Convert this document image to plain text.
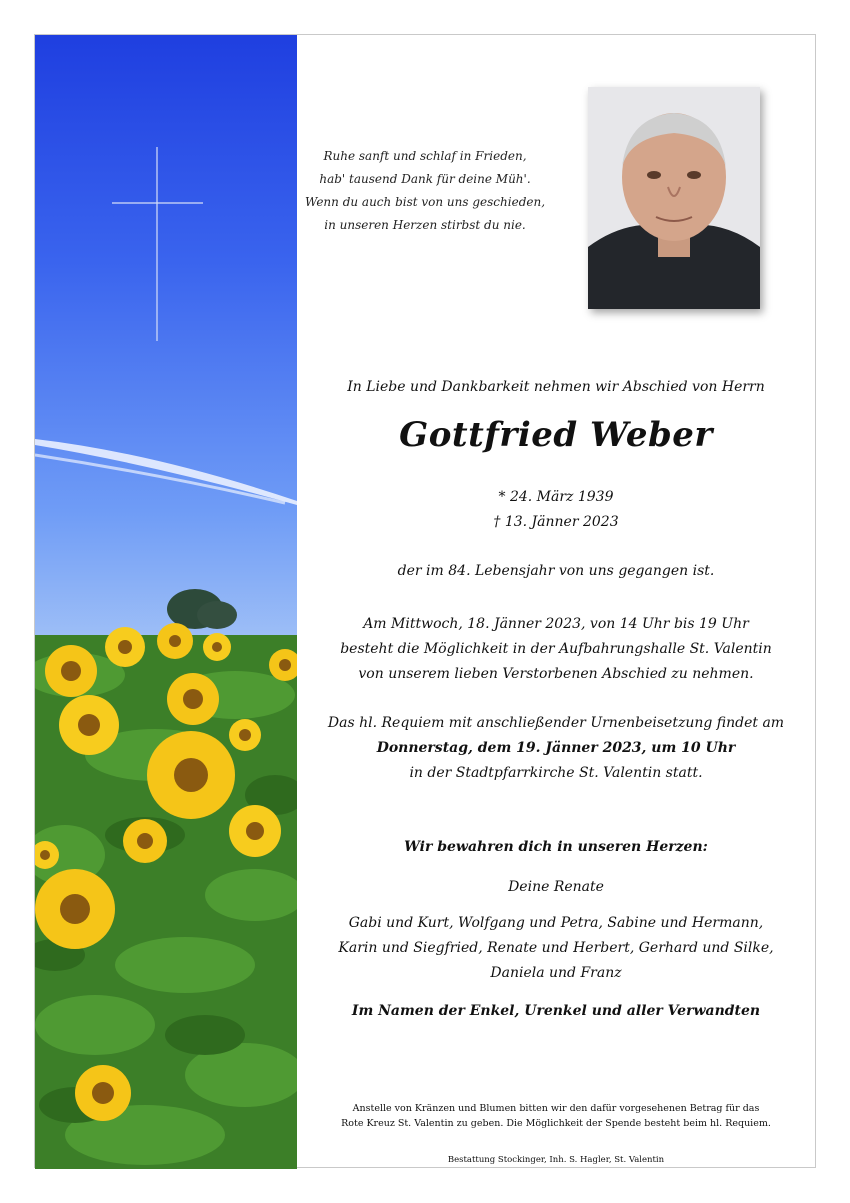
Ruhe sanft und schlaf in Frieden,
hab' tausend Dank für deine Müh'.
Wenn du auch bist von uns geschieden,
in unseren Herzen stirbst du nie.
In Liebe und Dankbarkeit nehmen wir Abschied von Herrn
Gottfried Weber
* 24. März 1939
† 13. Jänner 2023
der im 84. Lebensjahr von uns gegangen ist.
Am Mittwoch, 18. Jänner 2023, von 14 Uhr bis 19 Uhr
besteht die Möglichkeit in der Aufbahrungshalle St. Valentin
von unserem lieben Verstorbenen Abschied zu nehmen.
Das hl. Requiem mit anschließender Urnenbeisetzung findet am
Donnerstag, dem 19. Jänner 2023, um 10 Uhr
in der Stadtpfarrkirche St. Valentin statt.
Wir bewahren dich in unseren Herzen:
Deine Renate
Gabi und Kurt, Wolfgang und Petra, Sabine und Hermann,
Karin und Siegfried, Renate und Herbert, Gerhard und Silke,
Daniela und Franz
Im Namen der Enkel, Urenkel und aller Verwandten
Anstelle von Kränzen und Blumen bitten wir den dafür vorgesehenen Betrag für das
Rote Kreuz St. Valentin zu geben. Die Möglichkeit der Spende besteht beim hl. Requiem.
Bestattung Stockinger, Inh. S. Hagler, St. Valentin
